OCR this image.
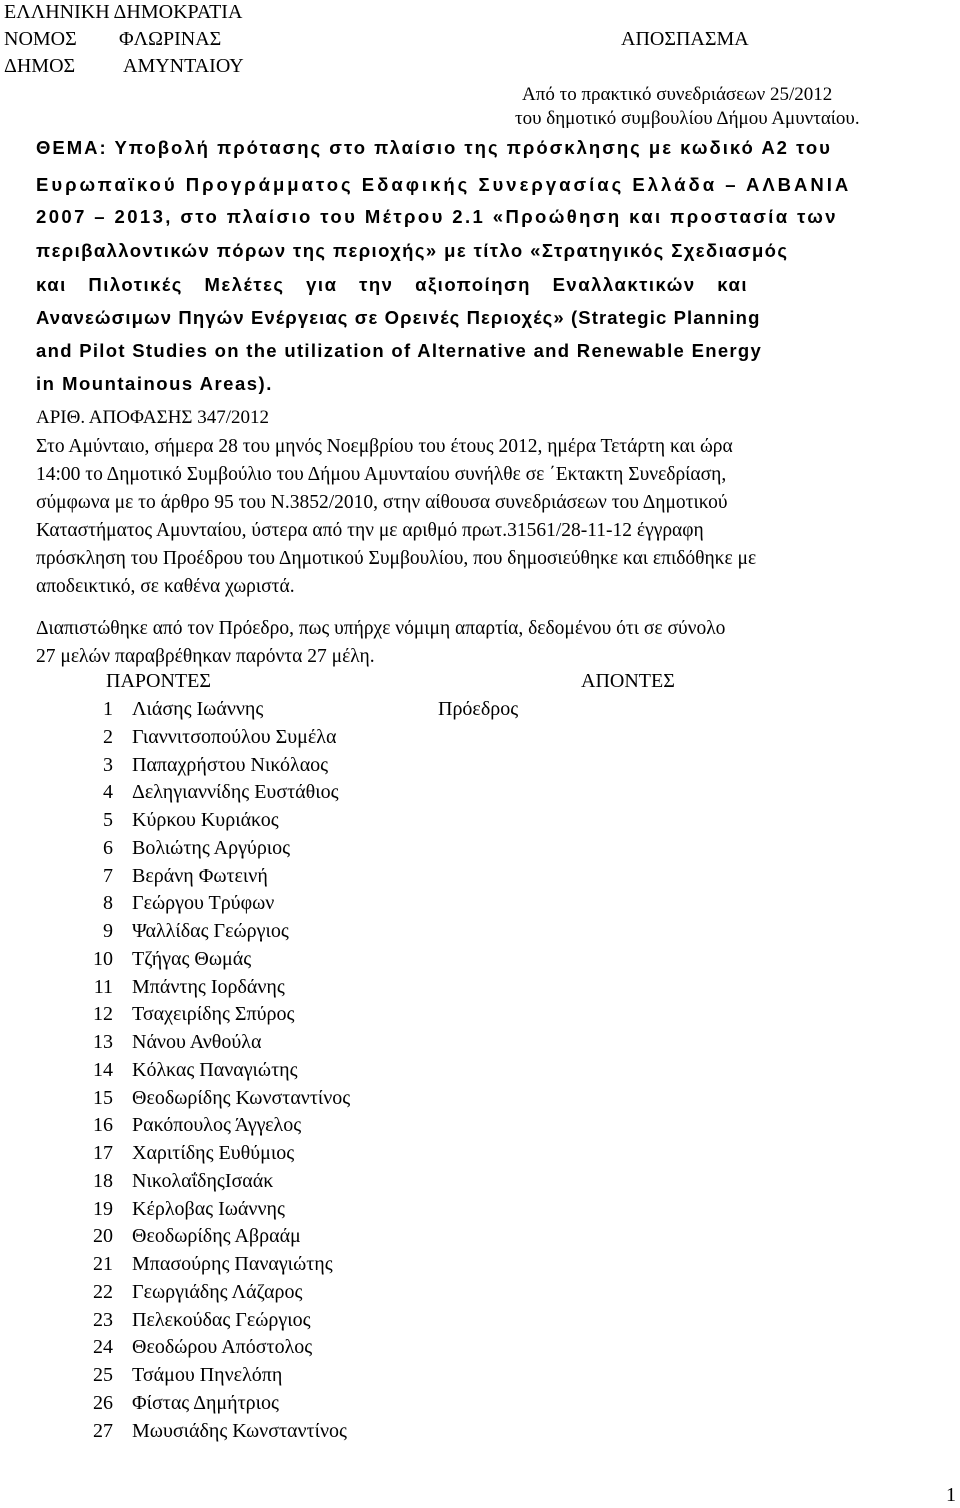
ΕΛΛΗΝΙΚΗ ΔΗΜΟΚΡΑΤΙΑ
ΝΟΜΟΣ ΦΛΩΡΙΝΑΣ	ΑΠΟΣΠΑΣΜΑ
ΔΗΜΟΣ ΑΜΥΝΤΑΙΟΥ
Από το πρακτικό συνεδριάσεων 25/2012
του δημοτικό συμβουλίου Δήμου Αμυνταίου.
ΘΕΜΑ: Υποβολή πρότασης στο πλαίσιο της πρόσκλησης με κωδικό Α2 του
Ευρωπαϊκού Προγράμματος Εδαφικής Συνεργασίας Ελλάδα – ΑΛΒΑΝΙΑ
2007 – 2013, στο πλαίσιο του Μέτρου 2.1 «Προώθηση και προστασία των
περιβαλλοντικών πόρων της περιοχής» με τίτλο «Στρατηγικός Σχεδιασμός
και Πιλοτικές Μελέτες για την αξιοποίηση Εναλλακτικών και
Ανανεώσιμων Πηγών Ενέργειας σε Ορεινές Περιοχές» (Strategic Planning
and Pilot Studies on the utilization of Alternative and Renewable Energy
in Mountainous Areas).
ΑΡΙΘ. ΑΠΟΦΑΣΗΣ 347/2012
Στο Αμύνταιο, σήμερα 28 του μηνός Νοεμβρίου του έτους 2012, ημέρα Τετάρτη και ώρα
14:00 το Δημοτικό Συμβούλιο του Δήμου Αμυνταίου συνήλθε σε ΄Εκτακτη Συνεδρίαση,
σύμφωνα με το άρθρο 95 του Ν.3852/2010, στην αίθουσα συνεδριάσεων του Δημοτικού
Καταστήματος Αμυνταίου, ύστερα από την με αριθμό πρωτ.31561/28-11-12 έγγραφη
πρόσκληση του Προέδρου του Δημοτικού Συμβουλίου, που δημοσιεύθηκε και επιδόθηκε με
αποδεικτικό, σε καθένα χωριστά.
Διαπιστώθηκε από τον Πρόεδρο, πως υπήρχε νόμιμη απαρτία, δεδομένου ότι σε σύνολο
27 μελών παραβρέθηκαν παρόντα 27 μέλη.
ΠΑΡΟΝΤΕΣ	ΑΠΟΝΤΕΣ
Πρόεδρος
1 Λιάσης Ιωάννης
2 Γιαννιτσοπούλου Συμέλα
3 Παπαχρήστου Νικόλαος
4 Δεληγιαννίδης Ευστάθιος
5 Κύρκου Κυριάκος
6 Βολιώτης Αργύριος
7 Βεράνη Φωτεινή
8 Γεώργου Τρύφων
9 Ψαλλίδας Γεώργιος
10 Τζήγας Θωμάς
11 Μπάντης Ιορδάνης
12 Τσαχειρίδης Σπύρος
13 Νάνου Ανθούλα
14 Κόλκας Παναγιώτης
15 Θεοδωρίδης Κωνσταντίνος
16 Ρακόπουλος Άγγελος
17 Χαριτίδης Ευθύμιος
18 ΝικολαΐδηςΙσαάκ
19 Κέρλοβας Ιωάννης
20 Θεοδωρίδης Αβραάμ
21 Μπασούρης Παναγιώτης
22 Γεωργιάδης Λάζαρος
23 Πελεκούδας Γεώργιος
24 Θεοδώρου Απόστολος
25 Τσάμου Πηνελόπη
26 Φίστας Δημήτριος
27 Μωυσιάδης Κωνσταντίνος
1
